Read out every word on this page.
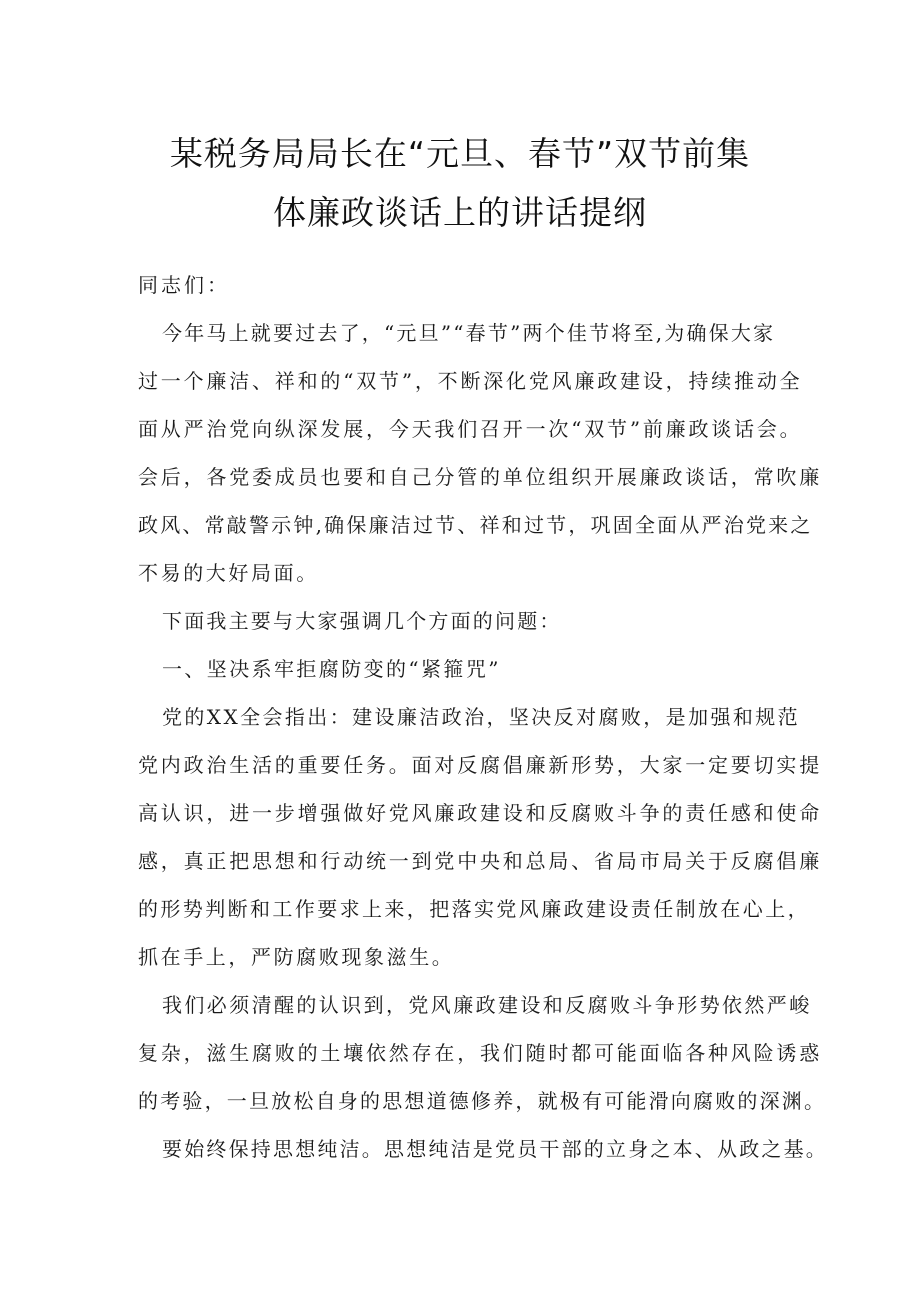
某税务局局长在“元旦、春节”双节前集
体廉政谈话上的讲话提纲
同志们：
今年马上就要过去了，“元旦”“春节”两个佳节将至,为确保大家
过一个廉洁、祥和的“双节”，不断深化党风廉政建设，持续推动全
面从严治党向纵深发展，今天我们召开一次“双节”前廉政谈话会。
会后，各党委成员也要和自己分管的单位组织开展廉政谈话，常吹廉
政风、常敲警示钟,确保廉洁过节、祥和过节，巩固全面从严治党来之
不易的大好局面。
下面我主要与大家强调几个方面的问题：
一、坚决系牢拒腐防变的“紧箍咒”
党的XX全会指出：建设廉洁政治，坚决反对腐败，是加强和规范
党内政治生活的重要任务。面对反腐倡廉新形势，大家一定要切实提
高认识，进一步增强做好党风廉政建设和反腐败斗争的责任感和使命
感，真正把思想和行动统一到党中央和总局、省局市局关于反腐倡廉
的形势判断和工作要求上来，把落实党风廉政建设责任制放在心上，
抓在手上，严防腐败现象滋生。
我们必须清醒的认识到，党风廉政建设和反腐败斗争形势依然严峻
复杂，滋生腐败的土壤依然存在，我们随时都可能面临各种风险诱惑
的考验，一旦放松自身的思想道德修养，就极有可能滑向腐败的深渊。
要始终保持思想纯洁。思想纯洁是党员干部的立身之本、从政之基。
